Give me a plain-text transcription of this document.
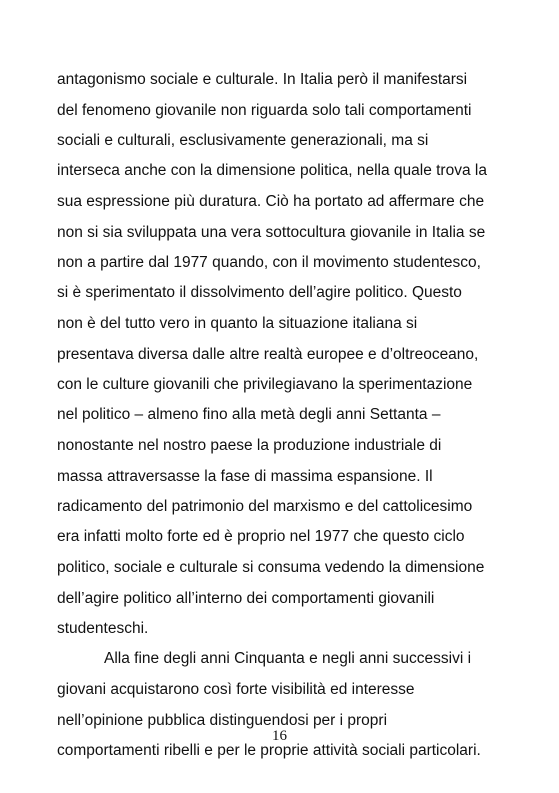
antagonismo sociale e culturale. In Italia però il manifestarsi
del fenomeno giovanile non riguarda solo tali comportamenti
sociali e culturali, esclusivamente generazionali, ma si
interseca anche con la dimensione politica, nella quale trova la
sua espressione più duratura. Ciò ha portato ad affermare che
non si sia sviluppata una vera sottocultura giovanile in Italia se
non a partire dal 1977 quando, con il movimento studentesco,
si è sperimentato il dissolvimento dell’agire politico. Questo
non è del tutto vero in quanto la situazione italiana si
presentava diversa dalle altre realtà europee e d’oltreoceano,
con le culture giovanili che privilegiavano la sperimentazione
nel politico – almeno fino alla metà degli anni Settanta –
nonostante nel nostro paese la produzione industriale di
massa attraversasse la fase di massima espansione. Il
radicamento del patrimonio del marxismo e del cattolicesimo
era infatti molto forte ed è proprio nel 1977 che questo ciclo
politico, sociale e culturale si consuma vedendo la dimensione
dell’agire politico all’interno dei comportamenti giovanili
studenteschi.
Alla fine degli anni Cinquanta e negli anni successivi i
giovani acquistarono così forte visibilità ed interesse
nell’opinione pubblica distinguendosi per i propri
comportamenti ribelli e per le proprie attività sociali particolari.
16
